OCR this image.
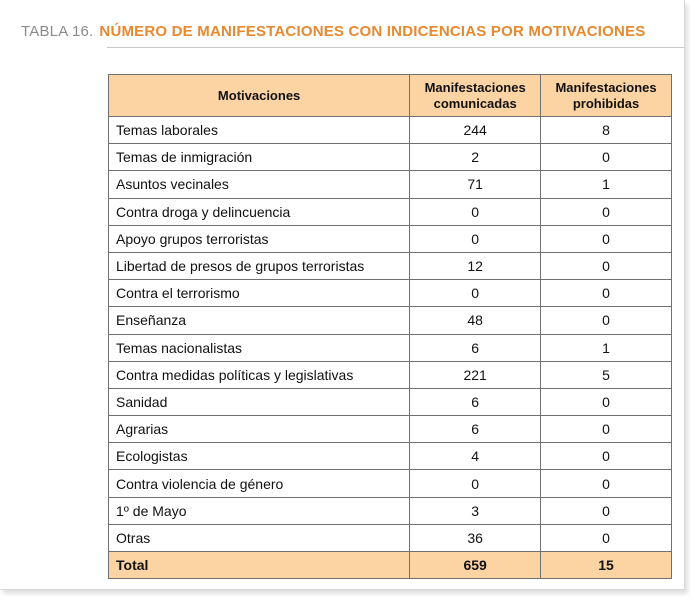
TABLA 16. NÚMERO DE MANIFESTACIONES CON INDICENCIAS POR MOTIVACIONES
Motivaciones	Manifestaciones comunicadas	Manifestaciones prohibidas
Temas laborales	244	8
Temas de inmigración	2	0
Asuntos vecinales	71	1
Contra droga y delincuencia	0	0
Apoyo grupos terroristas	0	0
Libertad de presos de grupos terroristas	12	0
Contra el terrorismo	0	0
Enseñanza	48	0
Temas nacionalistas	6	1
Contra medidas políticas y legislativas	221	5
Sanidad	6	0
Agrarias	6	0
Ecologistas	4	0
Contra violencia de género	0	0
1º de Mayo	3	0
Otras	36	0
Total	659	15
